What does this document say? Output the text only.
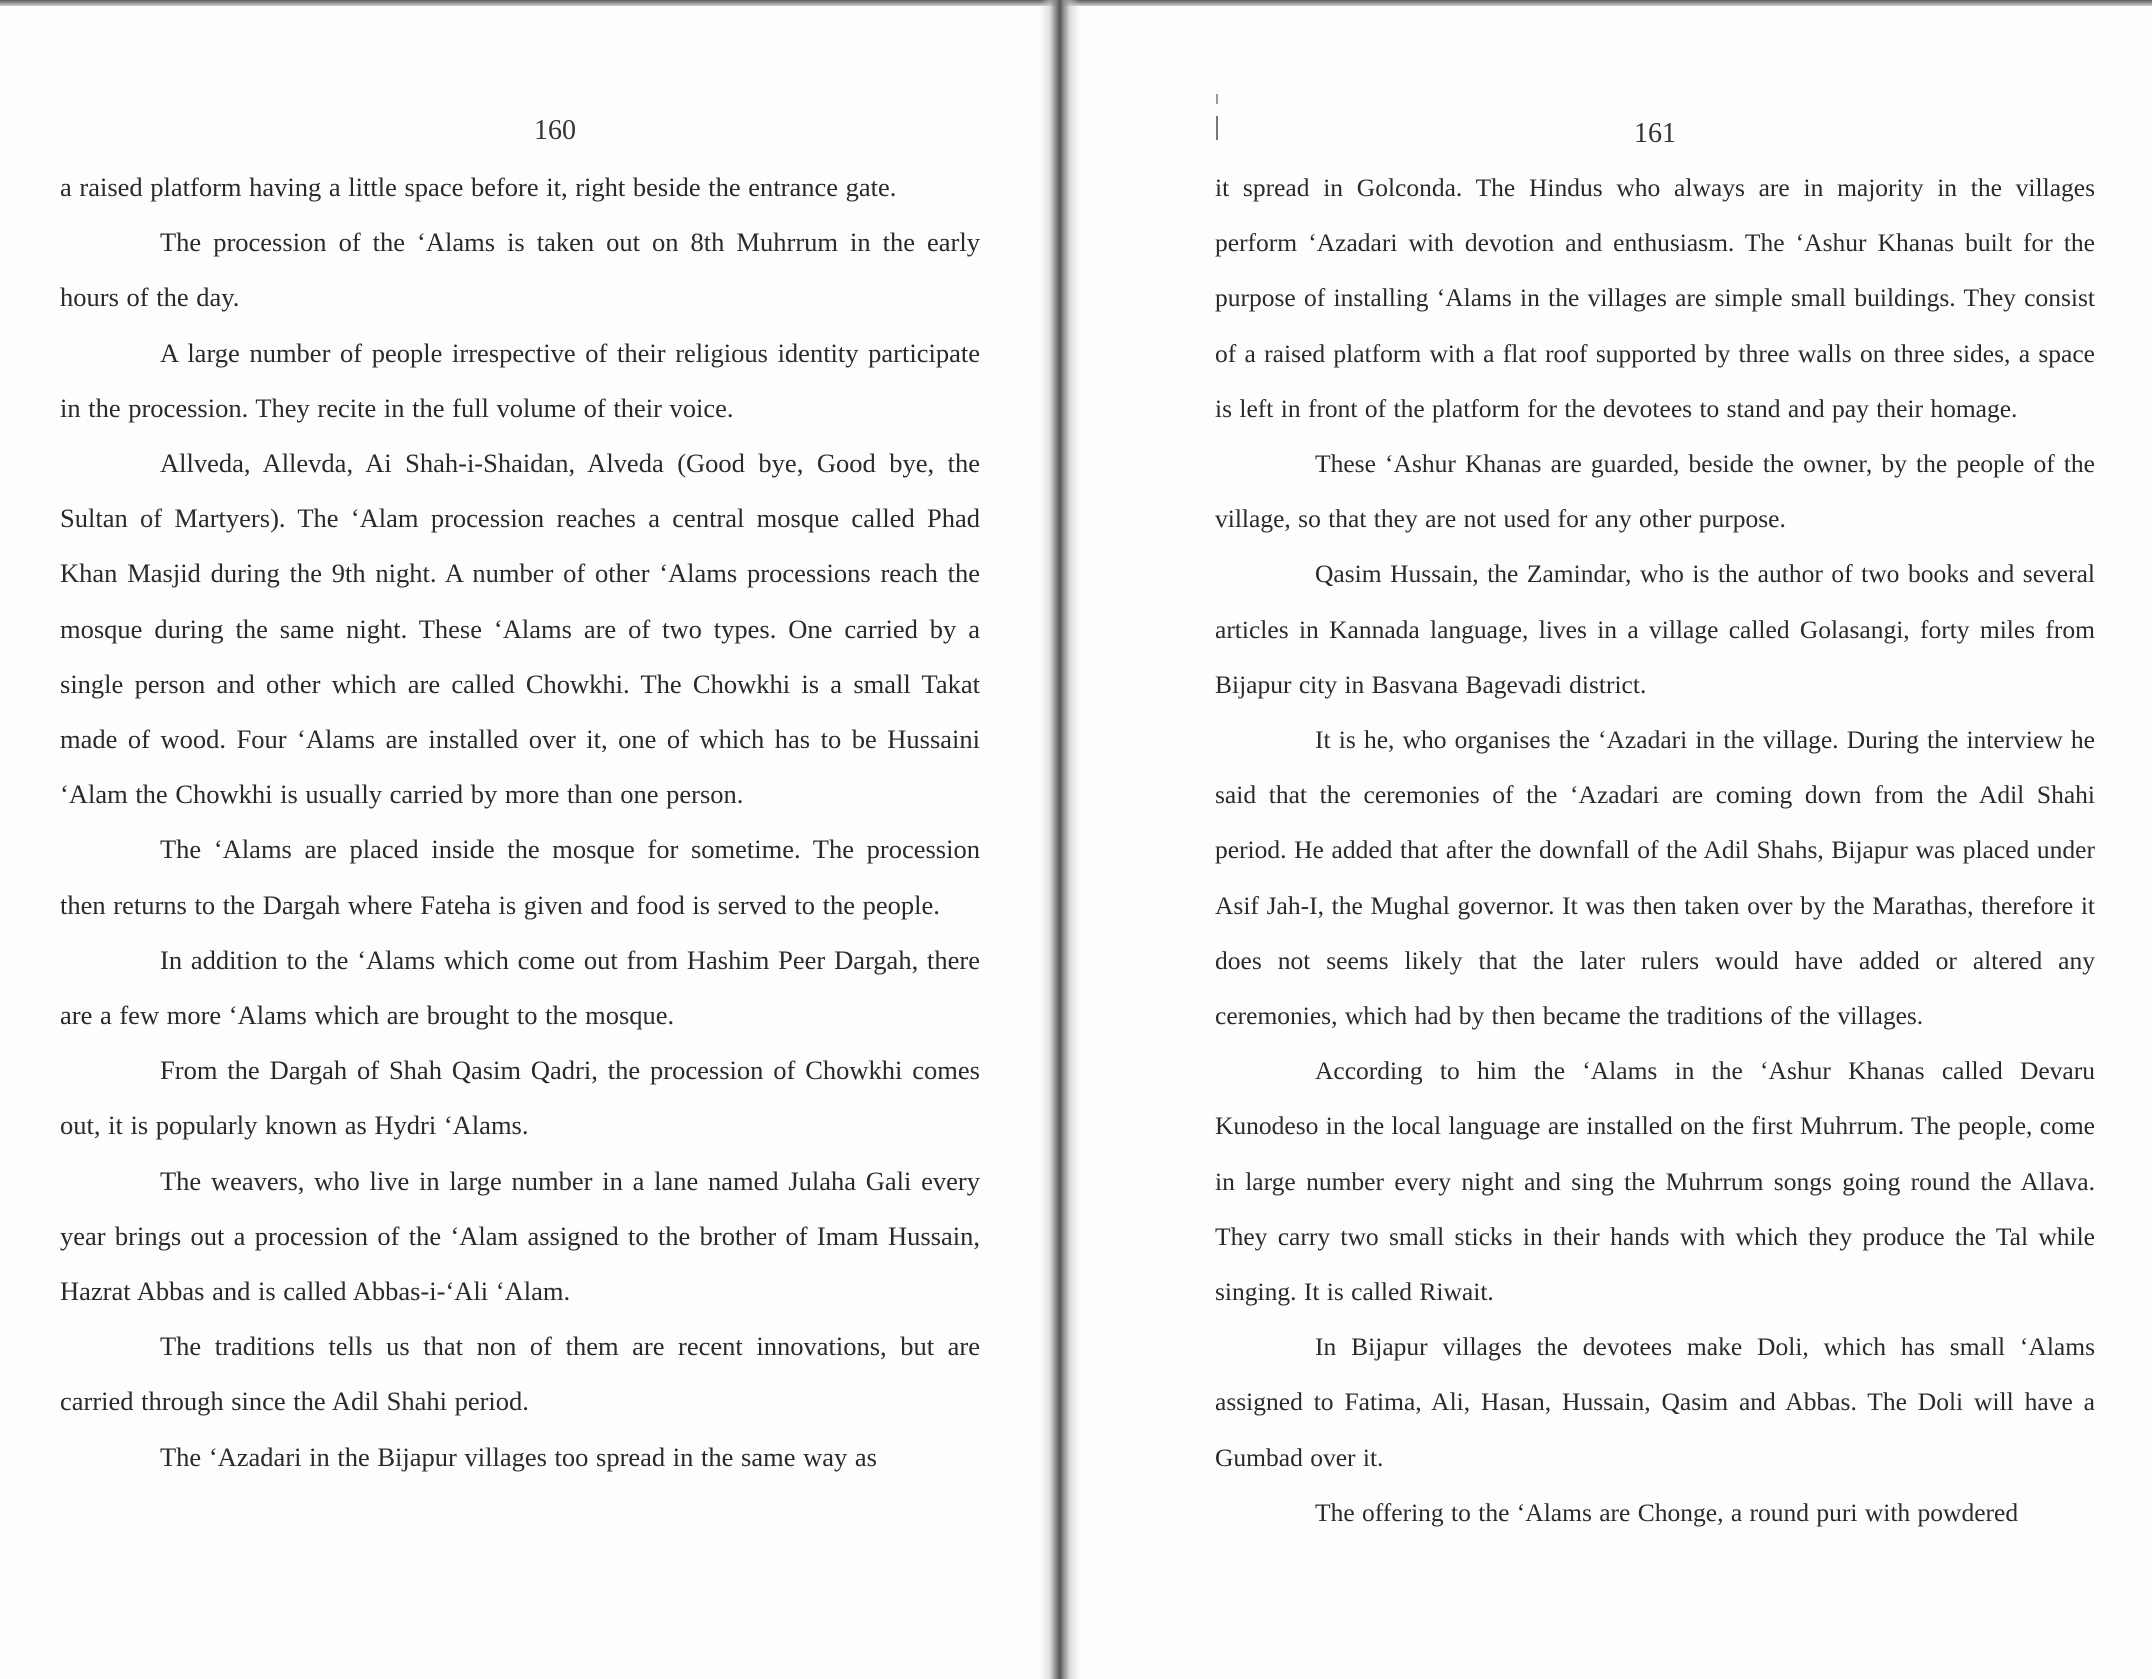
160

a raised platform having a little space before it, right beside the entrance gate.

The procession of the ‘Alams is taken out on 8th Muhrrum in the early hours of the day.

A large number of people irrespective of their religious identity participate in the procession. They recite in the full volume of their voice.

Allveda, Allevda, Ai Shah-i-Shaidan, Alveda (Good bye, Good bye, the Sultan of Martyers). The ‘Alam procession reaches a central mosque called Phad Khan Masjid during the 9th night. A number of other ‘Alams processions reach the mosque during the same night. These ‘Alams are of two types. One carried by a single person and other which are called Chowkhi. The Chowkhi is a small Takat made of wood. Four ‘Alams are installed over it, one of which has to be Hussaini ‘Alam the Chowkhi is usually carried by more than one person.

The ‘Alams are placed inside the mosque for sometime. The procession then returns to the Dargah where Fateha is given and food is served to the people.

In addition to the ‘Alams which come out from Hashim Peer Dargah, there are a few more ‘Alams which are brought to the mosque.

From the Dargah of Shah Qasim Qadri, the procession of Chowkhi comes out, it is popularly known as Hydri ‘Alams.

The weavers, who live in large number in a lane named Julaha Gali every year brings out a procession of the ‘Alam assigned to the brother of Imam Hussain, Hazrat Abbas and is called Abbas-i-‘Ali ‘Alam.

The traditions tells us that non of them are recent innovations, but are carried through since the Adil Shahi period.

The ‘Azadari in the Bijapur villages too spread in the same way as

161

it spread in Golconda. The Hindus who always are in majority in the villages perform ‘Azadari with devotion and enthusiasm. The ‘Ashur Khanas built for the purpose of installing ‘Alams in the villages are simple small buildings. They consist of a raised platform with a flat roof supported by three walls on three sides, a space is left in front of the platform for the devotees to stand and pay their homage.

These ‘Ashur Khanas are guarded, beside the owner, by the people of the village, so that they are not used for any other purpose.

Qasim Hussain, the Zamindar, who is the author of two books and several articles in Kannada language, lives in a village called Golasangi, forty miles from Bijapur city in Basvana Bagevadi district.

It is he, who organises the ‘Azadari in the village. During the interview he said that the ceremonies of the ‘Azadari are coming down from the Adil Shahi period. He added that after the downfall of the Adil Shahs, Bijapur was placed under Asif Jah-I, the Mughal governor. It was then taken over by the Marathas, therefore it does not seems likely that the later rulers would have added or altered any ceremonies, which had by then became the traditions of the villages.

According to him the ‘Alams in the ‘Ashur Khanas called Devaru Kunodeso in the local language are installed on the first Muhrrum. The people, come in large number every night and sing the Muhrrum songs going round the Allava. They carry two small sticks in their hands with which they produce the Tal while singing. It is called Riwait.

In Bijapur villages the devotees make Doli, which has small ‘Alams assigned to Fatima, Ali, Hasan, Hussain, Qasim and Abbas. The Doli will have a Gumbad over it.

The offering to the ‘Alams are Chonge, a round puri with powdered
